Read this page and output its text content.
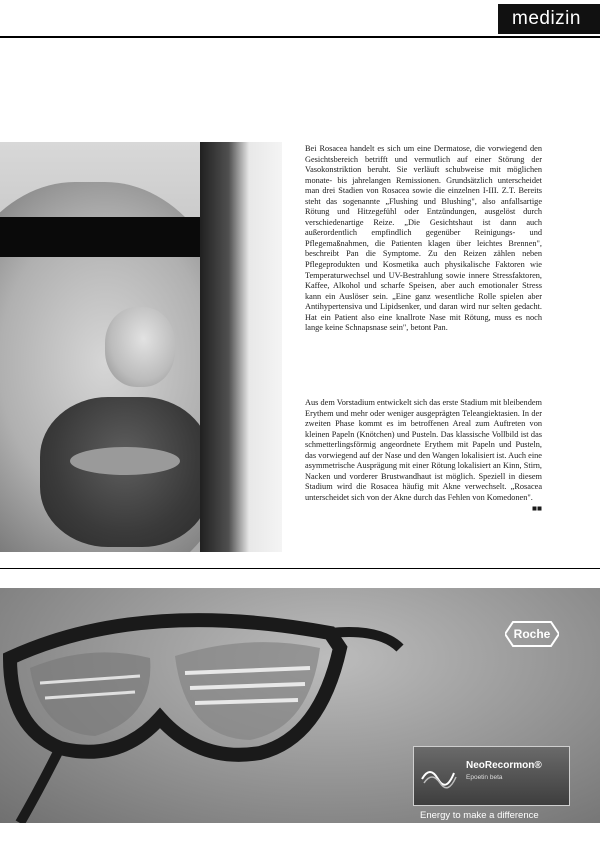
medizin

Bei Rosacea handelt es sich um eine Dermatose, die vorwiegend den Gesichtsbereich betrifft und vermutlich auf einer Störung der Vasokonstriktion beruht. Sie verläuft schubweise mit möglichen monate- bis jahrelangen Remissionen. Grundsätzlich unterscheidet man drei Stadien von Rosacea sowie die einzelnen I-III. Z.T. Bereits steht das sogenannte „Flushing und Blushing", also anfallsartige Rötung und Hitzegefühl oder Entzündungen, ausgelöst durch verschiedenartige Reize. „Die Gesichtshaut ist dann auch außerordentlich empfindlich gegenüber Reinigungs- und Pflegemaßnahmen, die Patienten klagen über leichtes Brennen", beschreibt Pan die Symptome. Zu den Reizen zählen neben Pflegeprodukten und Kosmetika auch physikalische Faktoren wie Temperaturwechsel und UV-Bestrahlung sowie innere Stressfaktoren, Kaffee, Alkohol und scharfe Speisen, aber auch emotionaler Stress kann ein Auslöser sein. „Eine ganz wesentliche Rolle spielen aber Antihypertensiva und Lipidsenker, und daran wird nur selten gedacht. Hat ein Patient also eine knallrote Nase mit Rötung, muss es noch lange keine Schnapsnase sein", betont Pan.

Aus dem Vorstadium entwickelt sich das erste Stadium mit bleibendem Erythem und mehr oder weniger ausgeprägten Teleangiektasien. In der zweiten Phase kommt es im betroffenen Areal zum Auftreten von kleinen Papeln (Knötchen) und Pusteln. Das klassische Vollbild ist das schmetterlingsförmig angeordnete Erythem mit Papeln und Pusteln, das vorwiegend auf der Nase und den Wangen lokalisiert ist. Auch eine asymmetrische Ausprägung mit einer Rötung lokalisiert an Kinn, Stirn, Nacken und vorderer Brustwandhaut ist möglich. Speziell in diesem Stadium wird die Rosacea häufig mit Akne verwechselt. „Rosacea unterscheidet sich von der Akne durch das Fehlen von Komedonen".
■■
Roche
NeoRecormon®
Epoetin beta
Energy to make a difference
